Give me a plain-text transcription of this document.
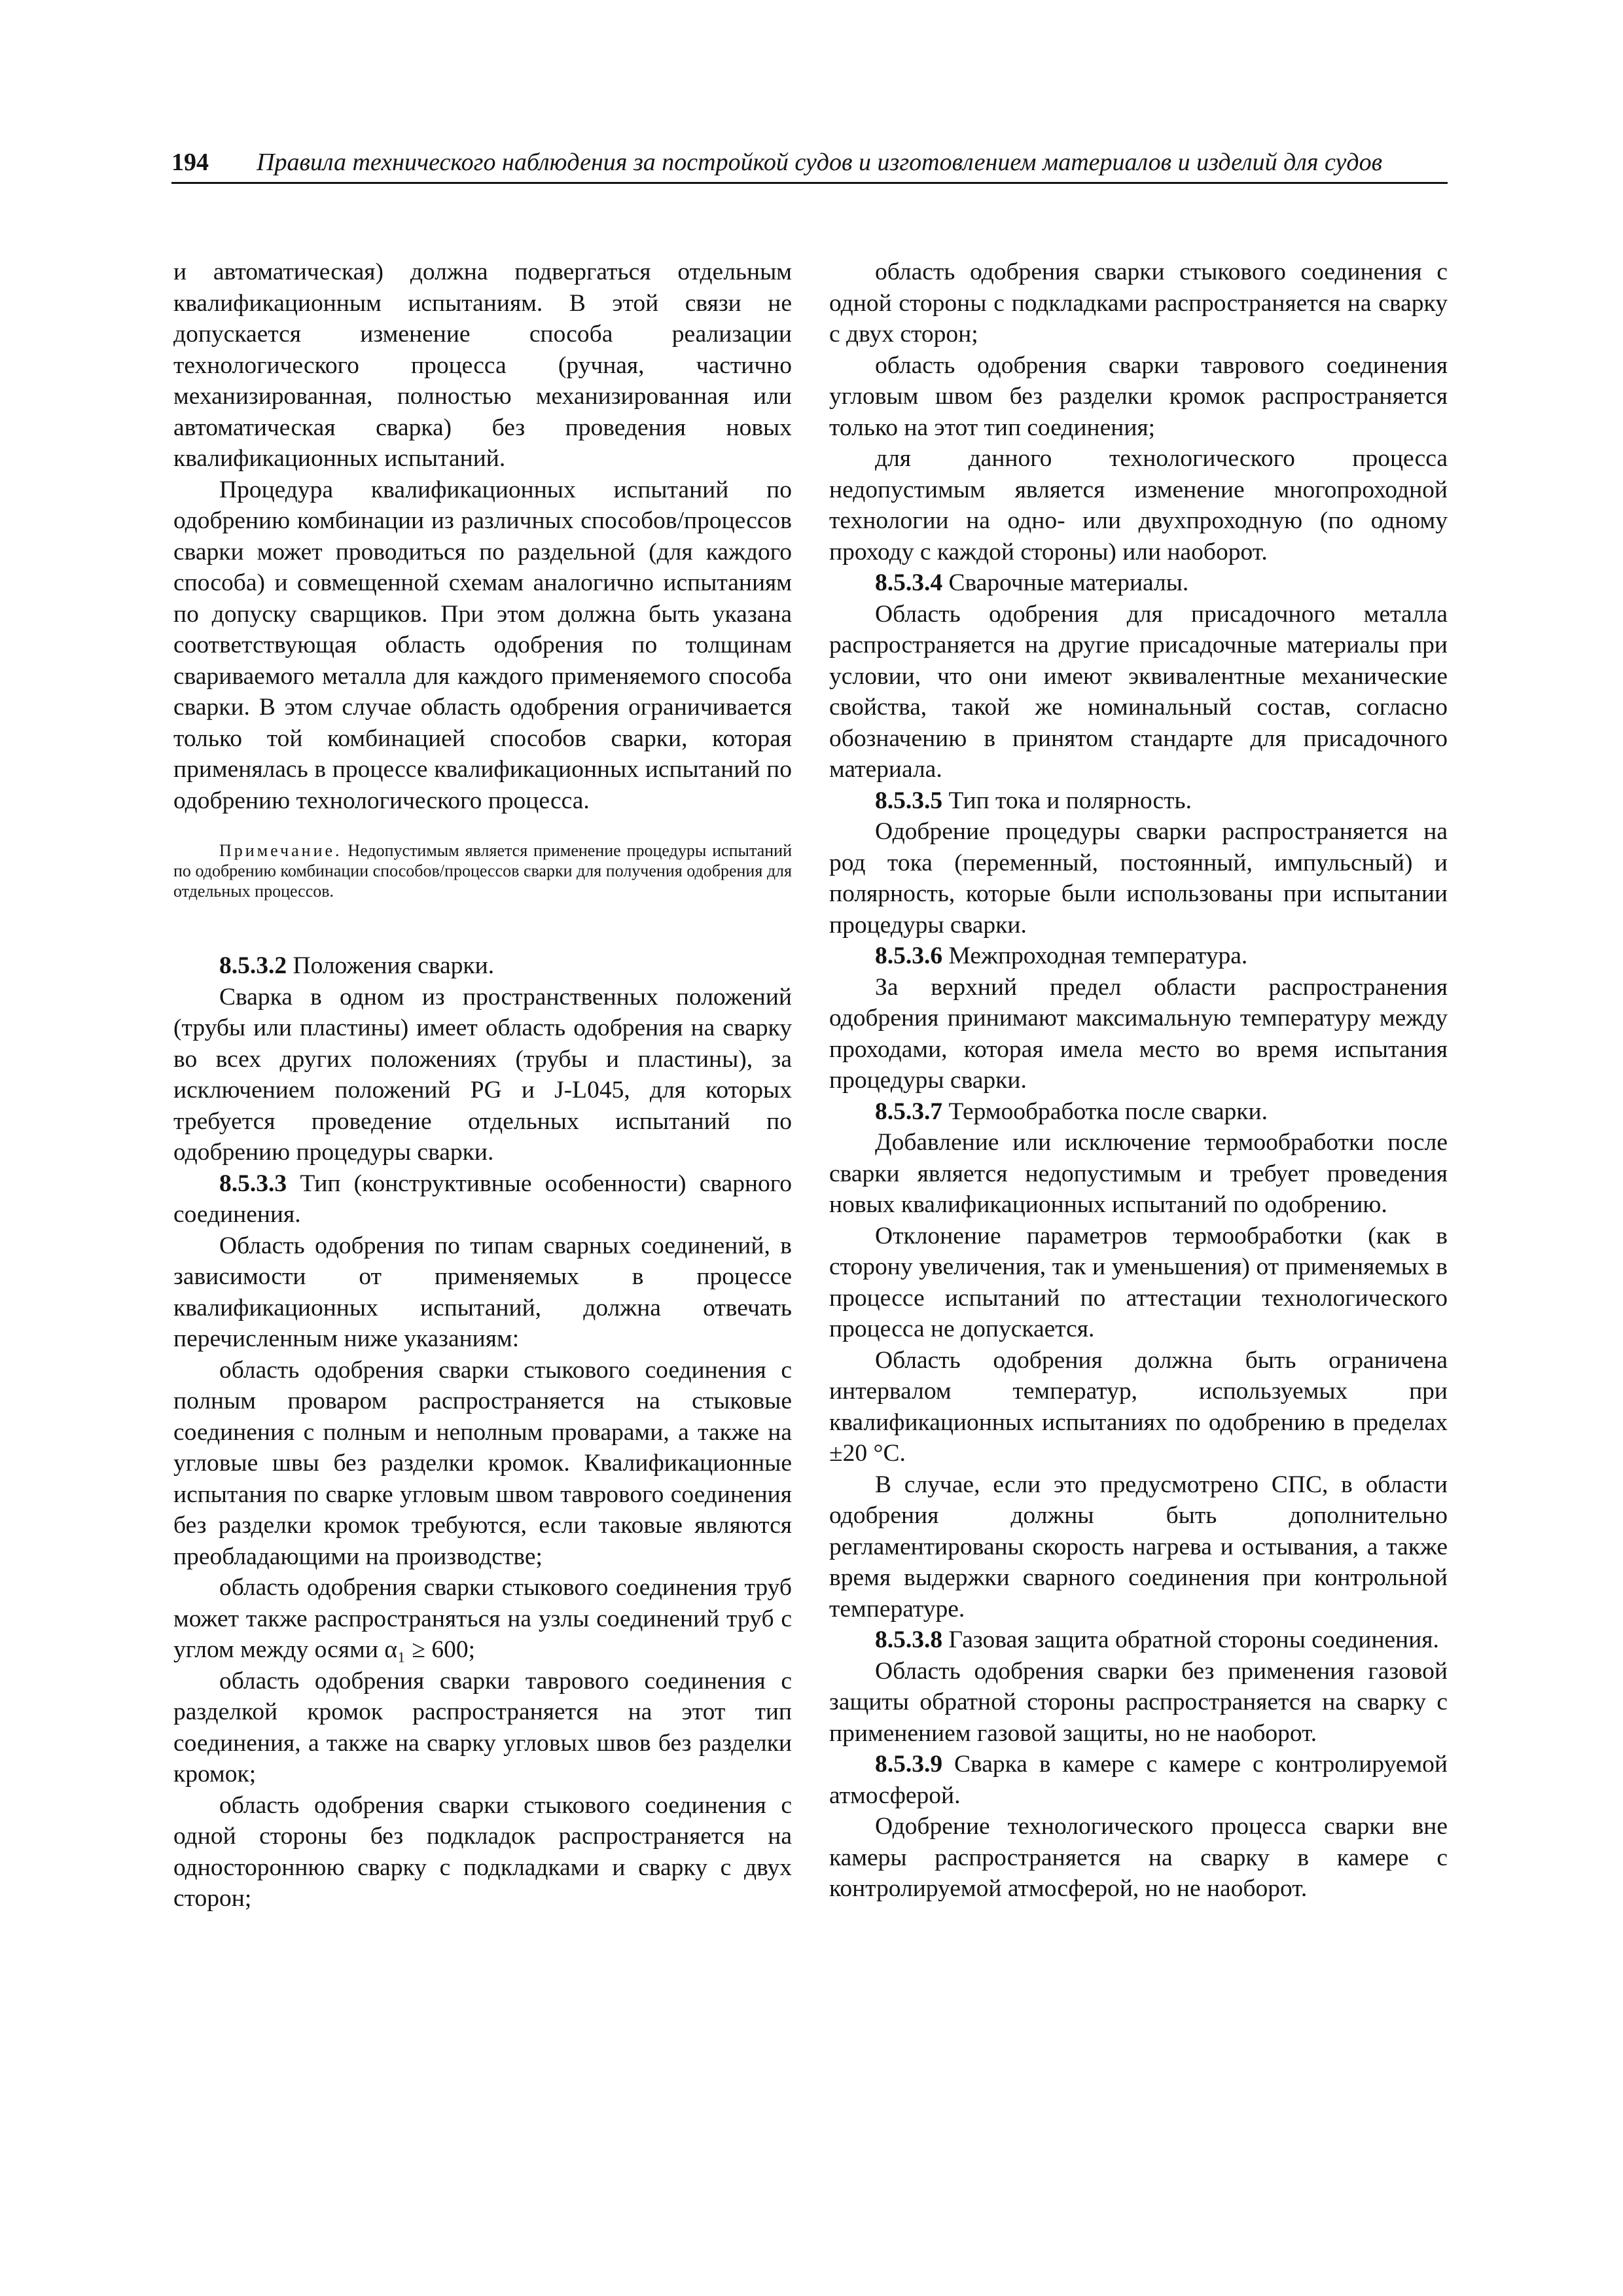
194 Правила технического наблюдения за постройкой судов и изготовлением материалов и изделий для судов

и автоматическая) должна подвергаться отдельным квалификационным испытаниям. В этой связи не допускается изменение способа реализации технологического процесса (ручная, частично механизированная, полностью механизированная или автоматическая сварка) без проведения новых квалификационных испытаний.

Процедура квалификационных испытаний по одобрению комбинации из различных способов/процессов сварки может проводиться по раздельной (для каждого способа) и совмещенной схемам аналогично испытаниям по допуску сварщиков. При этом должна быть указана соответствующая область одобрения по толщинам свариваемого металла для каждого применяемого способа сварки. В этом случае область одобрения ограничивается только той комбинацией способов сварки, которая применялась в процессе квалификационных испытаний по одобрению технологического процесса.

Примечание. Недопустимым является применение процедуры испытаний по одобрению комбинации способов/процессов сварки для получения одобрения для отдельных процессов.

8.5.3.2 Положения сварки.

Сварка в одном из пространственных положений (трубы или пластины) имеет область одобрения на сварку во всех других положениях (трубы и пластины), за исключением положений PG и J-L045, для которых требуется проведение отдельных испытаний по одобрению процедуры сварки.

8.5.3.3 Тип (конструктивные особенности) сварного соединения.

Область одобрения по типам сварных соединений, в зависимости от применяемых в процессе квалификационных испытаний, должна отвечать перечисленным ниже указаниям:

область одобрения сварки стыкового соединения с полным проваром распространяется на стыковые соединения с полным и неполным проварами, а также на угловые швы без разделки кромок. Квалификационные испытания по сварке угловым швом таврового соединения без разделки кромок требуются, если таковые являются преобладающими на производстве;

область одобрения сварки стыкового соединения труб может также распространяться на узлы соединений труб с углом между осями α₁ ≥ 600;

область одобрения сварки таврового соединения с разделкой кромок распространяется на этот тип соединения, а также на сварку угловых швов без разделки кромок;

область одобрения сварки стыкового соединения с одной стороны без подкладок распространяется на одностороннюю сварку с подкладками и сварку с двух сторон;

область одобрения сварки стыкового соединения с одной стороны с подкладками распространяется на сварку с двух сторон;

область одобрения сварки таврового соединения угловым швом без разделки кромок распространяется только на этот тип соединения;

для данного технологического процесса недопустимым является изменение многопроходной технологии на одно- или двухпроходную (по одному проходу с каждой стороны) или наоборот.

8.5.3.4 Сварочные материалы.

Область одобрения для присадочного металла распространяется на другие присадочные материалы при условии, что они имеют эквивалентные механические свойства, такой же номинальный состав, согласно обозначению в принятом стандарте для присадочного материала.

8.5.3.5 Тип тока и полярность.

Одобрение процедуры сварки распространяется на род тока (переменный, постоянный, импульсный) и полярность, которые были использованы при испытании процедуры сварки.

8.5.3.6 Межпроходная температура.

За верхний предел области распространения одобрения принимают максимальную температуру между проходами, которая имела место во время испытания процедуры сварки.

8.5.3.7 Термообработка после сварки.

Добавление или исключение термообработки после сварки является недопустимым и требует проведения новых квалификационных испытаний по одобрению.

Отклонение параметров термообработки (как в сторону увеличения, так и уменьшения) от применяемых в процессе испытаний по аттестации технологического процесса не допускается.

Область одобрения должна быть ограничена интервалом температур, используемых при квалификационных испытаниях по одобрению в пределах ±20 °С.

В случае, если это предусмотрено СПС, в области одобрения должны быть дополнительно регламентированы скорость нагрева и остывания, а также время выдержки сварного соединения при контрольной температуре.

8.5.3.8 Газовая защита обратной стороны соединения.

Область одобрения сварки без применения газовой защиты обратной стороны распространяется на сварку с применением газовой защиты, но не наоборот.

8.5.3.9 Сварка в камере с камере с контролируемой атмосферой.

Одобрение технологического процесса сварки вне камеры распространяется на сварку в камере с контролируемой атмосферой, но не наоборот.
